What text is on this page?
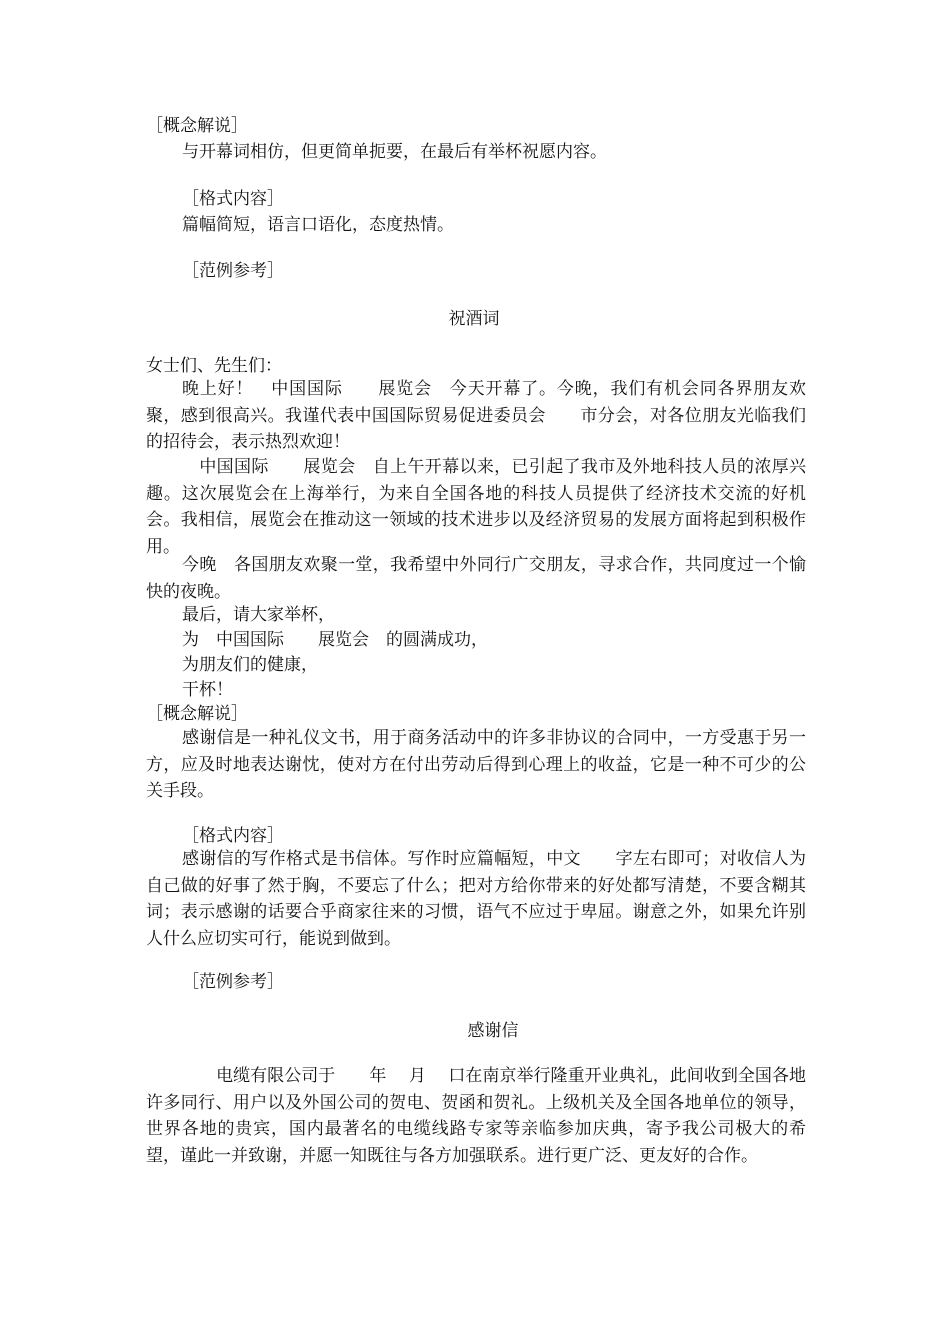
［概念解说］
与开幕词相仿，但更简单扼要，在最后有举杯祝愿内容。
［格式内容］
篇幅简短，语言口语化，态度热情。
［范例参考］
祝酒词
女士们、先生们：
晚上好！　中国国际　　展览会　今天开幕了。今晚，我们有机会同各界朋友欢聚，感到很高兴。我谨代表中国国际贸易促进委员会　　市分会，对各位朋友光临我们的招待会，表示热烈欢迎！
　中国国际　　展览会　自上午开幕以来，已引起了我市及外地科技人员的浓厚兴趣。这次展览会在上海举行，为来自全国各地的科技人员提供了经济技术交流的好机会。我相信，展览会在推动这一领域的技术进步以及经济贸易的发展方面将起到积极作用。
今晚　各国朋友欢聚一堂，我希望中外同行广交朋友，寻求合作，共同度过一个愉快的夜晚。
最后，请大家举杯，
为　中国国际　　展览会　的圆满成功，
为朋友们的健康，
干杯！
［概念解说］
感谢信是一种礼仪文书，用于商务活动中的许多非协议的合同中，一方受惠于另一方，应及时地表达谢忱，使对方在付出劳动后得到心理上的收益，它是一种不可少的公关手段。
［格式内容］
感谢信的写作格式是书信体。写作时应篇幅短，中文　　字左右即可；对收信人为自己做的好事了然于胸，不要忘了什么；把对方给你带来的好处都写清楚，不要含糊其词；表示感谢的话要合乎商家往来的习惯，语气不应过于卑屈。谢意之外，如果允许别人什么应切实可行，能说到做到。
［范例参考］
感谢信
　　电缆有限公司于　　年　 月　 口在南京举行隆重开业典礼，此间收到全国各地许多同行、用户以及外国公司的贺电、贺函和贺礼。上级机关及全国各地单位的领导，世界各地的贵宾，国内最著名的电缆线路专家等亲临参加庆典，寄予我公司极大的希望，谨此一并致谢，并愿一知既往与各方加强联系。进行更广泛、更友好的合作。
